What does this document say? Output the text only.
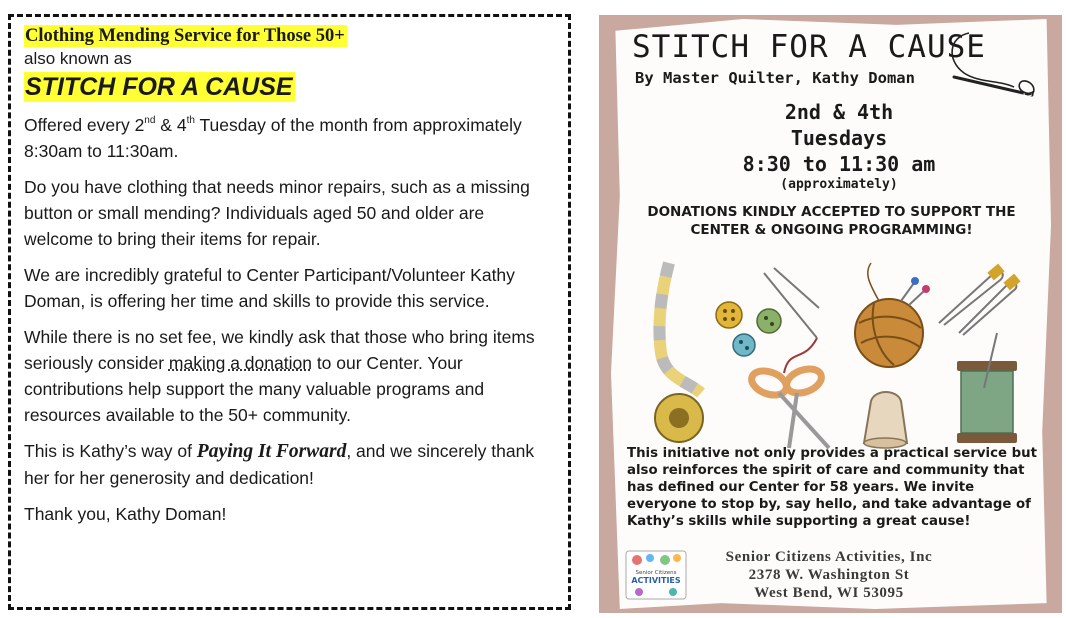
Clothing Mending Service for Those 50+
also known as
STITCH FOR A CAUSE

Offered every 2nd & 4th Tuesday of the month from approximately 8:30am to 11:30am.

Do you have clothing that needs minor repairs, such as a missing button or small mending? Individuals aged 50 and older are welcome to bring their items for repair.

We are incredibly grateful to Center Participant/Volunteer Kathy Doman, is offering her time and skills to provide this service.

While there is no set fee, we kindly ask that those who bring items seriously consider making a donation to our Center. Your contributions help support the many valuable programs and resources available to the 50+ community.

This is Kathy’s way of Paying It Forward, and we sincerely thank her for her generosity and dedication!

Thank you, Kathy Doman!

STITCH FOR A CAUSE
By Master Quilter, Kathy Doman
2nd & 4th
Tuesdays
8:30 to 11:30 am
(approximately)
DONATIONS KINDLY ACCEPTED TO SUPPORT THE CENTER & ONGOING PROGRAMMING!
This initiative not only provides a practical service but also reinforces the spirit of care and community that has defined our Center for 58 years. We invite everyone to stop by, say hello, and take advantage of Kathy’s skills while supporting a great cause!
Senior Citizens
ACTIVITIES
Senior Citizens Activities, Inc
2378 W. Washington St
West Bend, WI 53095
